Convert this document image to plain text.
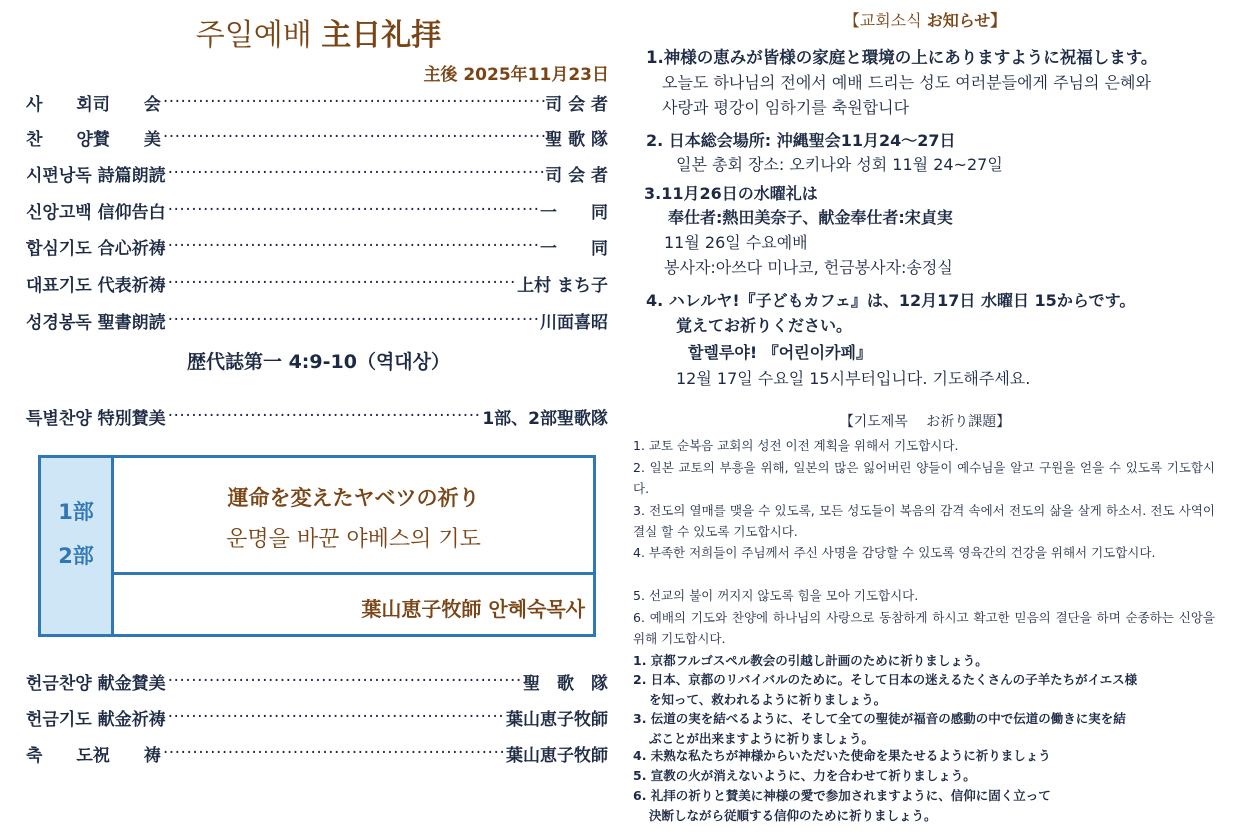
주일예배 主日礼拝
主後 2025年11月23日
사　　회司　　会 ·····	司 会 者
찬　　양賛　　美 ·····	聖 歌 隊
시편낭독 詩篇朗読 ·····	司 会 者
신앙고백 信仰告白 ·····	一　　同
합심기도 合心祈祷 ·····	一　　同
대표기도 代表祈祷 ·····	上村 まち子
성경봉독 聖書朗読 ·····	川面喜昭
歴代誌第一 4:9-10（역대상）
특별찬양 特別賛美 ·····	1部、2部聖歌隊
1部
2部
運命を変えたヤベツの祈り
운명을 바꾼 야베스의 기도
葉山恵子牧師 안혜숙목사
헌금찬양 献金賛美 ·····	聖　歌　隊
헌금기도 献金祈祷 ·····	葉山恵子牧師
축　　도祝　　祷 ·····	葉山恵子牧師
【교회소식 お知らせ】
1.神様の恵みが皆様の家庭と環境の上にありますように祝福します。
오늘도 하나님의 전에서 예배 드리는 성도 여러분들에게 주님의 은혜와
사랑과 평강이 임하기를 축원합니다
2. 日本総会場所: 沖縄聖会11月24～27日
일본 총회 장소: 오키나와 성회 11월 24~27일
3.11月26日の水曜礼は
奉仕者:熱田美奈子、献金奉仕者:宋貞実
11월 26일 수요예배
봉사자:아쓰다 미나코, 헌금봉사자:송정실
4. ハレルヤ!『子どもカフェ』は、12月17日 水曜日 15からです。
覚えてお祈りください。
할렐루야! 『어린이카페』
12월 17일 수요일 15시부터입니다. 기도해주세요.
【기도제목　 お祈り課題】
1. 교토 순복음 교회의 성전 이전 계획을 위해서 기도합시다.
2. 일본 교토의 부흥을 위해, 일본의 많은 잃어버린 양들이 예수님을 알고 구원을 얻을 수 있도록 기도합시다.
3. 전도의 열매를 맺을 수 있도록, 모든 성도들이 복음의 감격 속에서 전도의 삶을 살게 하소서. 전도 사역이 결실 할 수 있도록 기도합시다.
4. 부족한 저희들이 주님께서 주신 사명을 감당할 수 있도록 영육간의 건강을 위해서 기도합시다.
5. 선교의 불이 꺼지지 않도록 힘을 모아 기도합시다.
6. 예배의 기도와 찬양에 하나님의 사랑으로 동참하게 하시고 확고한 믿음의 결단을 하며 순종하는 신앙을 위해 기도합시다.
1. 京都フルゴスペル教会の引越し計画のために祈りましょう。
2. 日本、京都のリバイバルのために。そして日本の迷えるたくさんの子羊たちがイエス様
を知って、救われるように祈りましょう。
3. 伝道の実を結べるように、そして全ての聖徒が福音の感動の中で伝道の働きに実を結
ぶことが出来ますように祈りましょう。
4. 未熟な私たちが神様からいただいた使命を果たせるように祈りましょう
5. 宣教の火が消えないように、力を合わせて祈りましょう。
6. 礼拝の祈りと賛美に神様の愛で参加されますように、信仰に固く立って
決断しながら従順する信仰のために祈りましょう。
